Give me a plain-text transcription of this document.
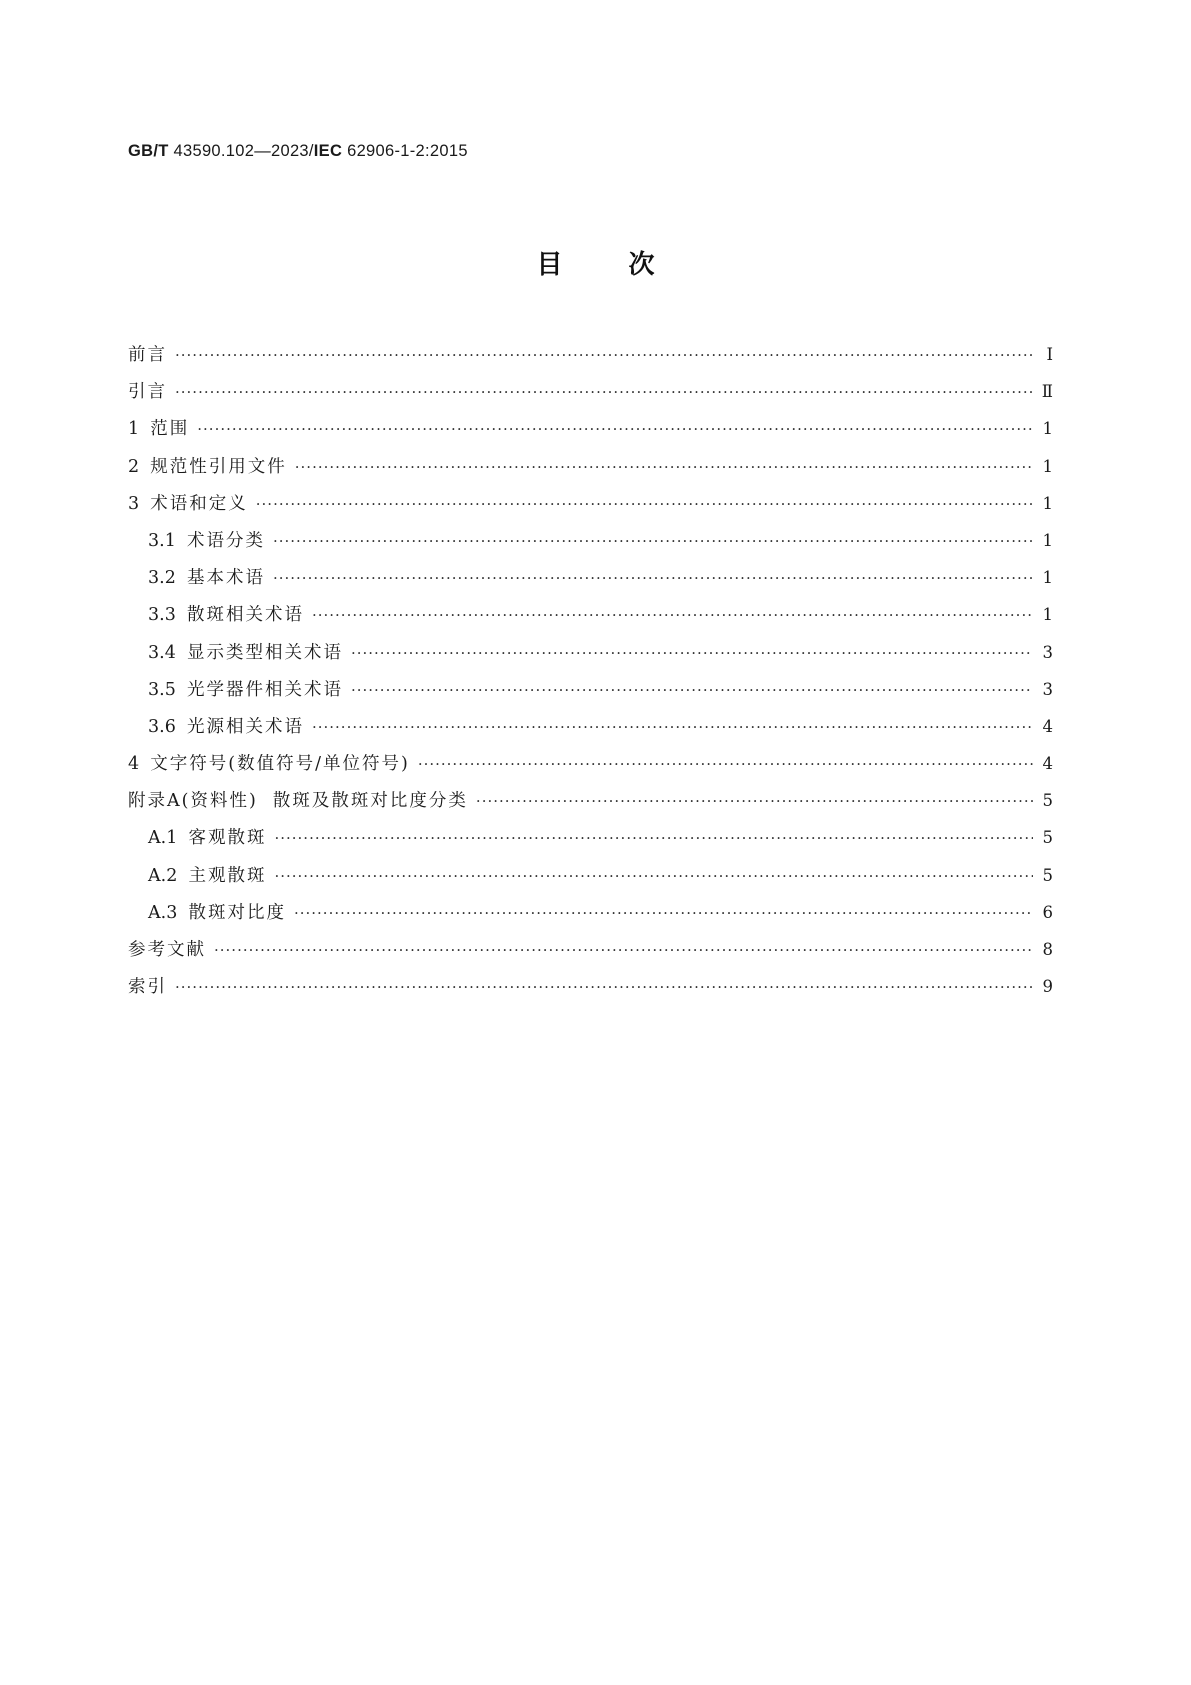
GB/T 43590.102—2023/IEC 62906-1-2:2015
目	次
前言 ·····	Ⅰ
引言 ·····	Ⅱ
1 范围 ·····	1
2 规范性引用文件 ·····	1
3 术语和定义 ·····	1
3.1 术语分类 ·····	1
3.2 基本术语 ·····	1
3.3 散斑相关术语 ·····	1
3.4 显示类型相关术语 ·····	3
3.5 光学器件相关术语 ·····	3
3.6 光源相关术语 ·····	4
4 文字符号(数值符号/单位符号) ·····	4
附录A(资料性)  散斑及散斑对比度分类 ·····	5
A.1 客观散斑 ·····	5
A.2 主观散斑 ·····	5
A.3 散斑对比度 ·····	6
参考文献 ·····	8
索引 ·····	9
